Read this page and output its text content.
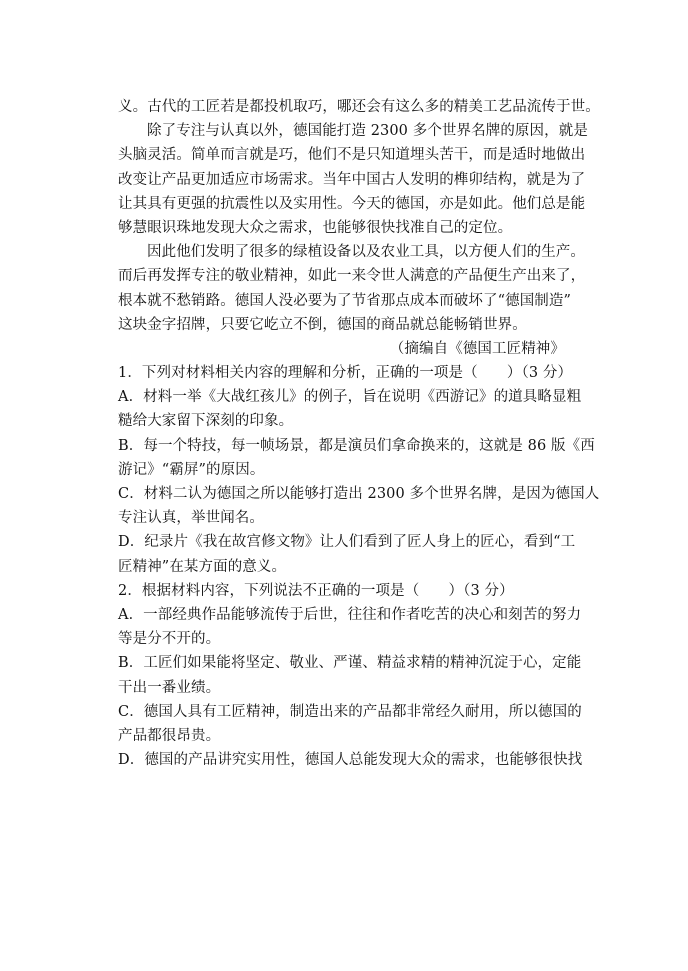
义。古代的工匠若是都投机取巧，哪还会有这么多的精美工艺品流传于世。
除了专注与认真以外，德国能打造 2300 多个世界名牌的原因，就是
头脑灵活。简单而言就是巧，他们不是只知道埋头苦干，而是适时地做出
改变让产品更加适应市场需求。当年中国古人发明的榫卯结构，就是为了
让其具有更强的抗震性以及实用性。今天的德国，亦是如此。他们总是能
够慧眼识珠地发现大众之需求，也能够很快找准自己的定位。
因此他们发明了很多的绿植设备以及农业工具，以方便人们的生产。
而后再发挥专注的敬业精神，如此一来令世人满意的产品便生产出来了，
根本就不愁销路。德国人没必要为了节省那点成本而破坏了“德国制造”
这块金字招牌，只要它屹立不倒，德国的商品就总能畅销世界。
（摘编自《德国工匠精神》
1．下列对材料相关内容的理解和分析，正确的一项是（　　）（3 分）
A．材料一举《大战红孩儿》的例子，旨在说明《西游记》的道具略显粗
糙给大家留下深刻的印象。
B．每一个特技，每一帧场景，都是演员们拿命换来的，这就是 86 版《西
游记》“霸屏”的原因。
C．材料二认为德国之所以能够打造出 2300 多个世界名牌，是因为德国人
专注认真，举世闻名。
D．纪录片《我在故宫修文物》让人们看到了匠人身上的匠心，看到“工
匠精神”在某方面的意义。
2．根据材料内容，下列说法不正确的一项是（　　）（3 分）
A．一部经典作品能够流传于后世，往往和作者吃苦的决心和刻苦的努力
等是分不开的。
B．工匠们如果能将坚定、敬业、严谨、精益求精的精神沉淀于心，定能
干出一番业绩。
C．德国人具有工匠精神，制造出来的产品都非常经久耐用，所以德国的
产品都很昂贵。
D．德国的产品讲究实用性，德国人总能发现大众的需求，也能够很快找
